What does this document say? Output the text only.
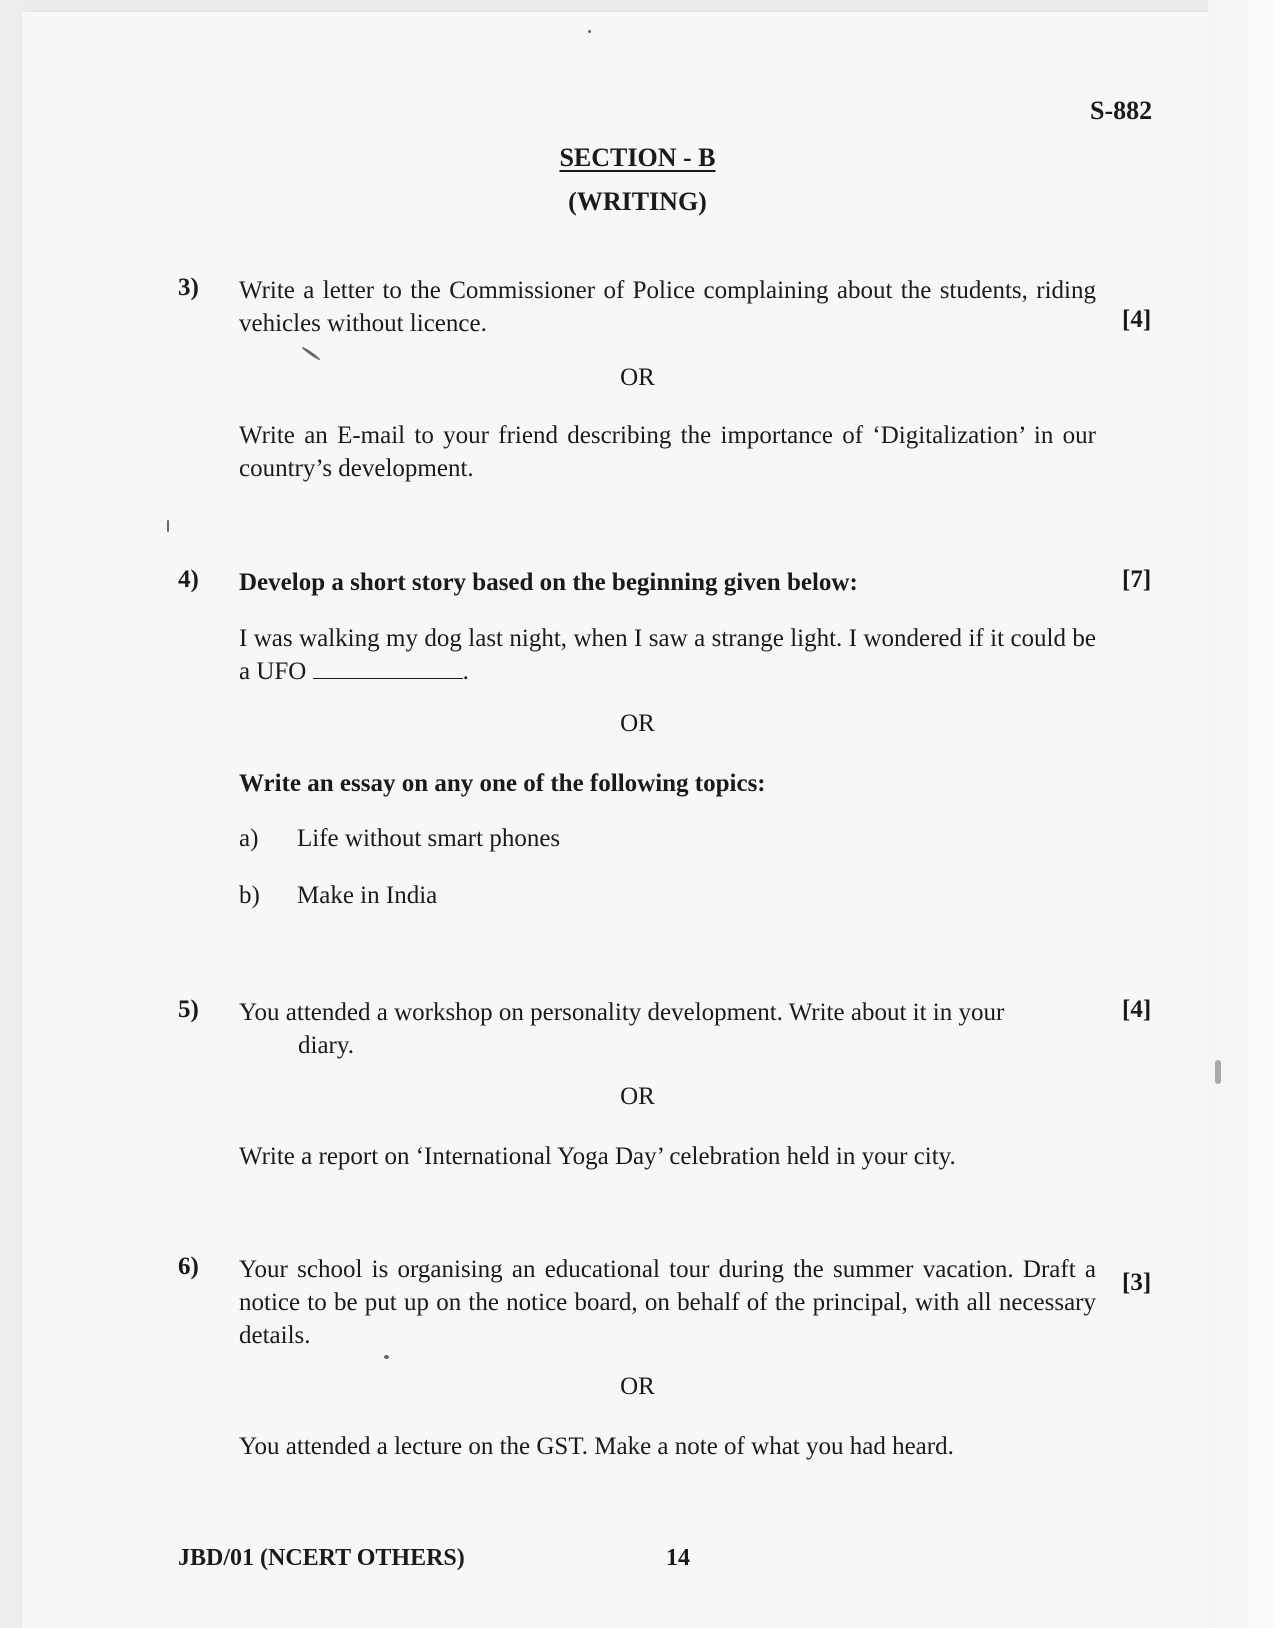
S-882
SECTION - B
(WRITING)
3) Write a letter to the Commissioner of Police complaining about the students, riding vehicles without licence.	[4]
OR
Write an E-mail to your friend describing the importance of ‘Digitalization’ in our country’s development.
4) Develop a short story based on the beginning given below:	[7]
I was walking my dog last night, when I saw a strange light. I wondered if it could be a UFO	.
OR
Write an essay on any one of the following topics:
a) Life without smart phones
b) Make in India
5) You attended a workshop on personality development. Write about it in your
diary.
[4]
OR
Write a report on ‘International Yoga Day’ celebration held in your city.
6) Your school is organising an educational tour during the summer vacation. Draft a notice to be put up on the notice board, on behalf of the principal, with all necessary details.
[3]
OR
You attended a lecture on the GST. Make a note of what you had heard.
JBD/01 (NCERT OTHERS)	14
